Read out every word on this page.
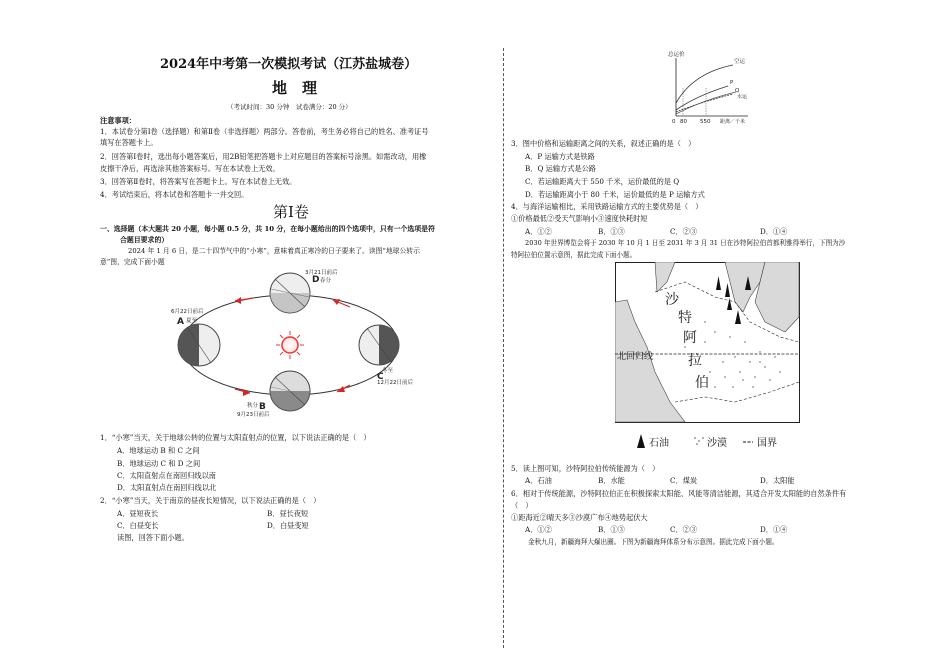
2024年中考第一次模拟考试（江苏盐城卷）
地　理
（考试时间：30 分钟　试卷满分：20 分）
注意事项：
1．本试卷分第Ⅰ卷（选择题）和第Ⅱ卷（非选择题）两部分。答卷前，考生务必将自己的姓名、准考证号
填写在答题卡上。
2．回答第Ⅰ卷时，选出每小题答案后，用2B铅笔把答题卡上对应题目的答案标号涂黑。如需改动，用橡
皮擦干净后，再选涂其他答案标号。写在本试卷上无效。
3．回答第Ⅱ卷时，将答案写在答题卡上。写在本试卷上无效。
4．考试结束后，将本试卷和答题卡一并交回。
第Ⅰ卷
一、选择题（本大题共 20 小题，每小题 0.5 分，共 10 分，在每小题给出的四个选项中，只有一个选项是符
合题目要求的）
2024 年 1 月 6 日，是二十四节气中的“小寒”，意味着真正寒冷的日子要来了。读图“地球公转示
意”图，完成下面小题
3月21日前后
D 春分
6月22日前后
A 夏至
冬至
C
12月22日前后
秋分 B
9月23日前后
1．“小寒”当天，关于地球公转的位置与太阳直射点的位置，以下说法正确的是（　）
A．地球运动 B 和 C 之间
B．地球运动 C 和 D 之间
C．太阳直射点在南回归线以南
D．太阳直射点在南回归线以北
2．“小寒”当天，关于南京的昼夜长短情况，以下说法正确的是（　）
A．昼短夜长	B．昼长夜短
C．白昼变长	D．白昼变短
读图，回答下面小题。
总运价
空运
P
Q
水运
0 80 550 距离／千米
3．图中价格和运输距离之间的关系，叙述正确的是（　）
A．P 运输方式是铁路
B．Q 运输方式是公路
C．若运输距离大于 550 千米，运价最低的是 Q
D．若运输距离小于 80 千米，运价最低的是 P 运输方式
4．与海洋运输相比，采用铁路运输方式的主要优势是（　）
①价格最低②受天气影响小③速度快耗时短
A．①②	B．①③	C．②③	D．①④
2030 年世界博览会将于 2030 年 10 月 1 日至 2031 年 3 月 31 日在沙特阿拉伯首都利雅得举行，下图为沙
特阿拉伯位置示意图，据此完成下面小题。
沙
特
阿
拉
伯
北回归线
石油	沙漠	国界
5．读上图可知，沙特阿拉伯传统能源为（　）
A．石油	B．水能	C．煤炭	D．太阳能
6．相对于传统能源，沙特阿拉伯正在积极探索太阳能、风能等清洁能源，其适合开发太阳能的自然条件有
（　）
①距海近②晴天多③沙漠广布④地势起伏大
A．①②	B．①③	C．②③	D．①④
金秋九月，新疆海拜大爆出圈。下图为新疆海拜体系分布示意图。据此完成下面小题。
